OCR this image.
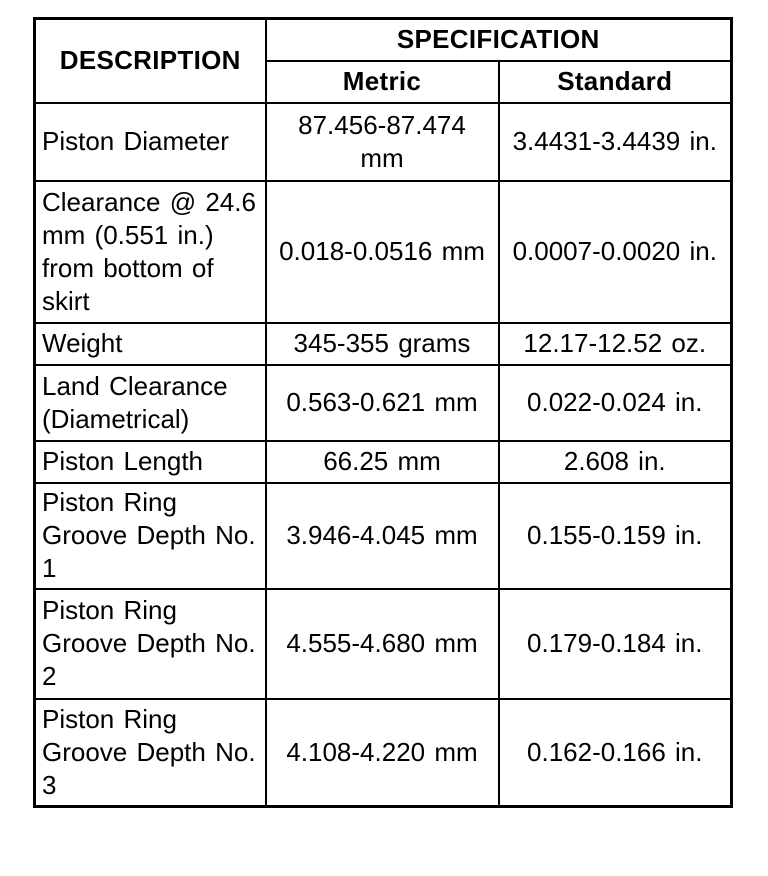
DESCRIPTION	SPECIFICATION	
	Metric	Standard
Piston Diameter	87.456-87.474 mm	3.4431-3.4439 in.
Clearance @ 24.6 mm (0.551 in.) from bottom of skirt	0.018-0.0516 mm	0.0007-0.0020 in.
Weight	345-355 grams	12.17-12.52 oz.
Land Clearance (Diametrical)	0.563-0.621 mm	0.022-0.024 in.
Piston Length	66.25 mm	2.608 in.
Piston Ring Groove Depth No. 1	3.946-4.045 mm	0.155-0.159 in.
Piston Ring Groove Depth No. 2	4.555-4.680 mm	0.179-0.184 in.
Piston Ring Groove Depth No. 3	4.108-4.220 mm	0.162-0.166 in.
